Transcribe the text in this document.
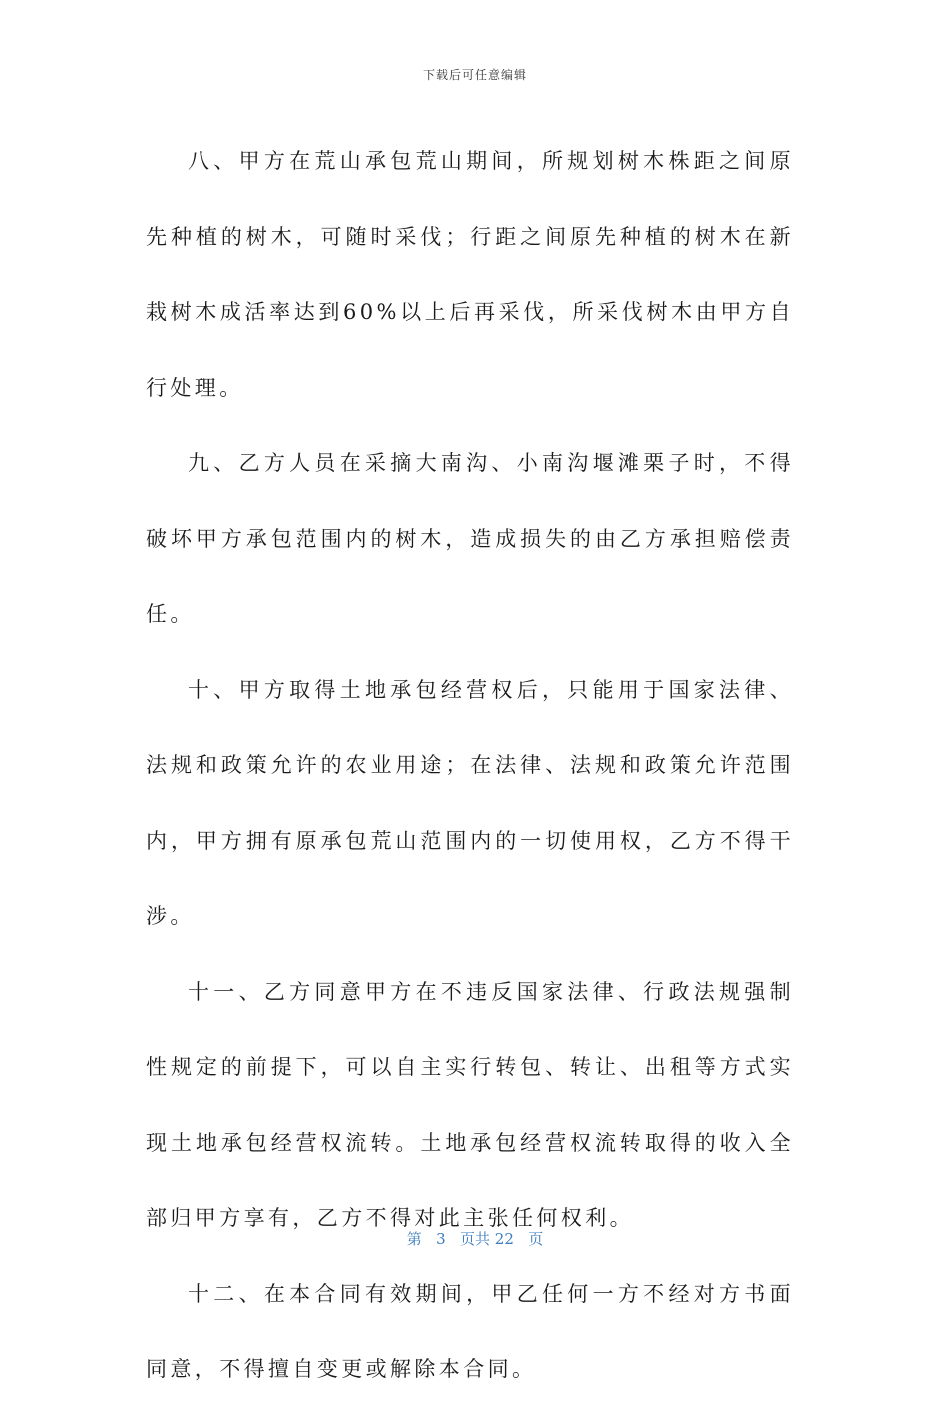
下载后可任意编辑

八、甲方在荒山承包荒山期间，所规划树木株距之间原先种植的树木，可随时采伐；行距之间原先种植的树木在新栽树木成活率达到60%以上后再采伐，所采伐树木由甲方自行处理。

九、乙方人员在采摘大南沟、小南沟堰滩栗子时，不得破坏甲方承包范围内的树木，造成损失的由乙方承担赔偿责任。

十、甲方取得土地承包经营权后，只能用于国家法律、法规和政策允许的农业用途；在法律、法规和政策允许范围内，甲方拥有原承包荒山范围内的一切使用权，乙方不得干涉。

十一、乙方同意甲方在不违反国家法律、行政法规强制性规定的前提下，可以自主实行转包、转让、出租等方式实现土地承包经营权流转。土地承包经营权流转取得的收入全部归甲方享有，乙方不得对此主张任何权利。

十二、在本合同有效期间，甲乙任何一方不经对方书面同意，不得擅自变更或解除本合同。

第 3 页共 22 页
